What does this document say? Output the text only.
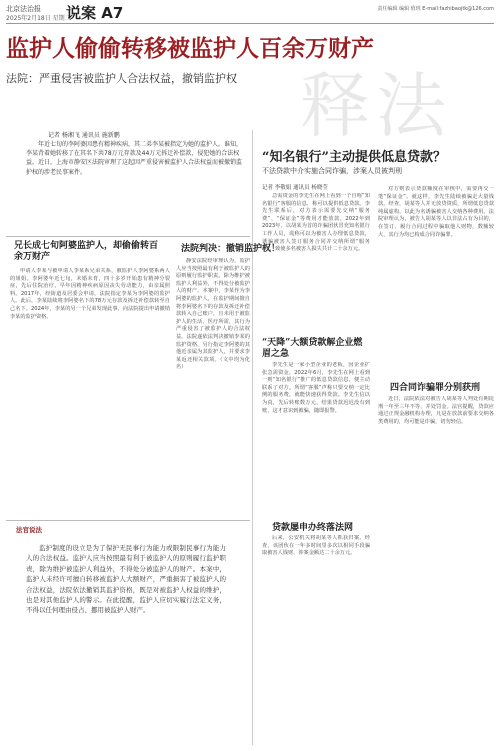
北京法治报
2025年2月18日 星期二
说案 A7	责任编辑 编辑 值班 E-mail:fazhibaojtk@126.com
释法
监护人偷偷转移被监护人百余万财产
法院：严重侵害被监护人合法权益，撤销监护权
记者 杨湘飞 通讯员 施新鹏
年近七旬的李阿婆因患有精神疾病，其二弟李某被指定为她的监护人。谁知，李某背着她转移了在其名下共78万元存款及44万元拆迁补偿款，侵犯她的合法权益。近日，上海市静安区法院审理了这起因严重侵害被监护人合法权益而被撤销监护权的涉老民事案件。
“知名银行”主动提供低息贷款？
不法贷款中介实施合同诈骗，涉案人员被判刑
记者 李敬娟 通讯员 杨晓莹
兄长成七旬阿婆监护人，却偷偷转百余万财产

申请人李某与被申请人李某系兄弟关系，被监护人李阿婆系两人的姐姐。李阿婆年近七旬，未婚未育，四十多岁开始患有精神分裂症，先后住院治疗。早年因精神疾病原因丧失劳动能力，由亲属照料。2017年，经街道及居委会申请，法院指定李某为李阿婆的监护人。此后，李某陆续将李阿婆名下的78万元存款及拆迁补偿款转至自己名下。2024年，李某的另一个兄弟发现此事，向法院提出申请撤销李某的监护资格。

法院判决：撤销监护权！

静安法院经审理认为，监护人应当按照最有利于被监护人的原则履行监护职责。除为维护被监护人利益外，不得处分被监护人的财产。本案中，李某作为李阿婆的监护人，在监护期间擅自将李阿婆名下的存款及拆迁补偿款转入自己账户，且未用于被监护人的生活、医疗所需，其行为严重侵害了被监护人的合法权益。法院遂依法判决撤销李某的监护资格，另行指定李阿婆的其他近亲属为其监护人，并要求李某返还相关款项。（文中均为化名）

法官说法

监护制度的设立是为了保护无民事行为能力或限制民事行为能力人的合法权益。监护人应当按照最有利于被监护人的原则履行监护职责，除为维护被监护人利益外，不得处分被监护人的财产。本案中，监护人未经许可擅自转移被监护人大额财产，严重损害了被监护人的合法权益，法院依法撤销其监护资格，既是对被监护人权益的维护，也是对其他监护人的警示。在此提醒，监护人应切实履行法定义务，不得以任何理由侵占、挪用被监护人财产。

急需资金的李先生在网上看到一个自称“知名银行”客服的信息，称可以提供低息贷款。李先生联系后，对方表示需要先交纳“服务费”、“保证金”等费用才能放款。2022年到2023年，以胡某为首的诈骗团伙冒充知名银行工作人员，谎称可以为被害人办理低息贷款，诱骗被害人签订服务合同并交纳所谓“服务费”，致使多名被害人损失共计二十余万元。

“天降”大额贷款解企业燃眉之急

李先生是一家小型企业的老板，因企业扩张急需资金。2022年6月，李先生在网上看到一则“知名银行”推广的低息贷款信息，便主动联系了对方。所谓“客服”声称只要交纳一定比例的服务费，就能快速获得贷款。李先生信以为真，先后转账数万元，结果贷款迟迟没有到账，这才意识到被骗，随即报警。

贷款屡申办终落法网

后来，公安机关将胡某等人抓获归案。经查，该团伙在一年多时间里多次以相同手段骗取被害人钱财，涉案金额达二十余万元。

对方则表示贷款额度在审核中，需要再交一笔“保证金”。就这样，李先生陆续被骗走大量钱款。经查，胡某等人并无放贷资质，所谓低息贷款纯属虚构，以此为名诱骗被害人交纳各种费用。法院审理认为，被告人胡某等人以非法占有为目的，在签订、履行合同过程中骗取他人财物，数额较大，其行为均已构成合同诈骗罪。

四合同诈骗罪分别获刑

近日，法院依法对被告人胡某等人判处有期徒刑一年至三年不等，并处罚金。法官提醒，贷款应通过正规金融机构办理，凡是在放款前要求交纳各类费用的，均可能是诈骗，切勿轻信。
